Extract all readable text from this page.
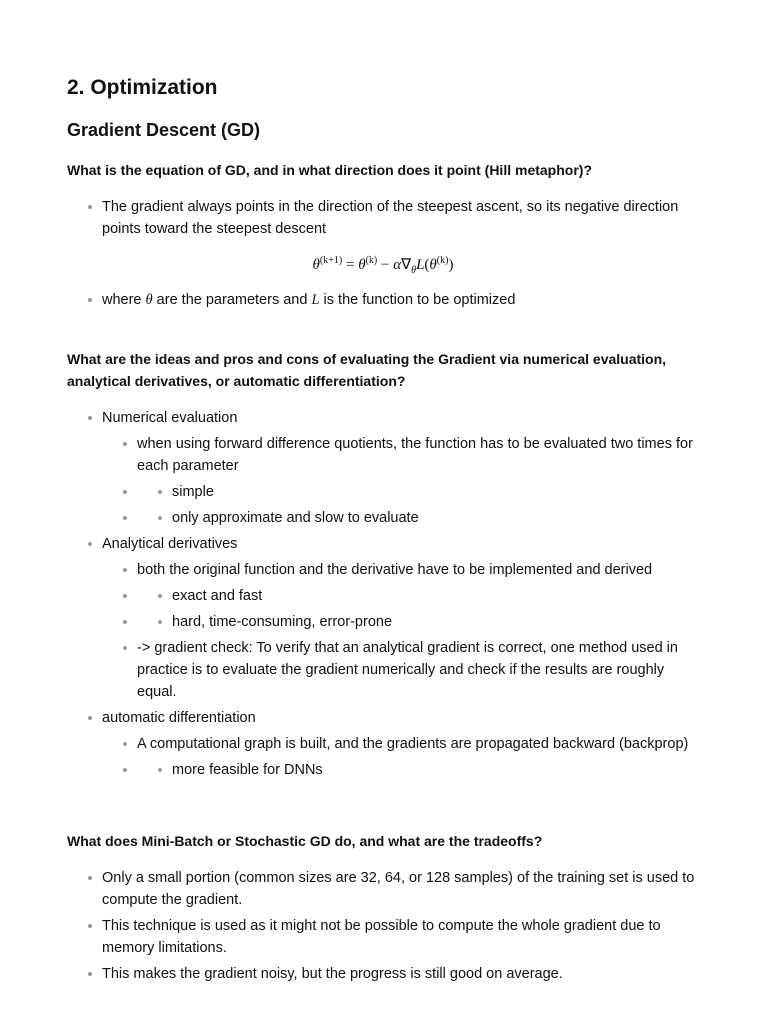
2. Optimization
Gradient Descent (GD)

What is the equation of GD, and in what direction does it point (Hill metaphor)?

The gradient always points in the direction of the steepest ascent, so its negative direction points toward the steepest descent
where θ are the parameters and L is the function to be optimized

What are the ideas and pros and cons of evaluating the Gradient via numerical evaluation, analytical derivatives, or automatic differentiation?

Numerical evaluation
when using forward difference quotients, the function has to be evaluated two times for each parameter
simple
only approximate and slow to evaluate
Analytical derivatives
both the original function and the derivative have to be implemented and derived
exact and fast
hard, time-consuming, error-prone
-> gradient check: To verify that an analytical gradient is correct, one method used in practice is to evaluate the gradient numerically and check if the results are roughly equal.
automatic differentiation
A computational graph is built, and the gradients are propagated backward (backprop)
more feasible for DNNs

What does Mini-Batch or Stochastic GD do, and what are the tradeoffs?

Only a small portion (common sizes are 32, 64, or 128 samples) of the training set is used to compute the gradient.
This technique is used as it might not be possible to compute the whole gradient due to memory limitations.
This makes the gradient noisy, but the progress is still good on average.
$\theta^{(k+1)} = \theta^{(k)} - \alpha\nabla_\theta L(\theta^{(k)})$
